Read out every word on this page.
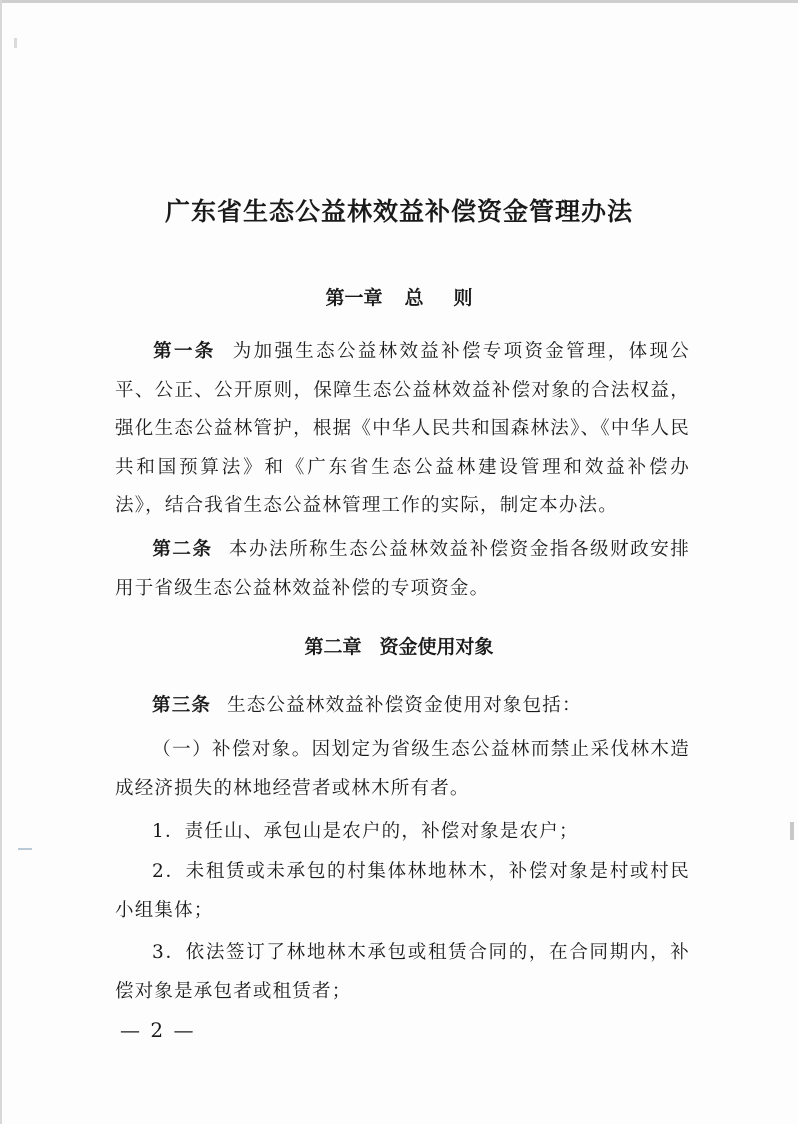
广东省生态公益林效益补偿资金管理办法
第一章 总 则
第一条 为加强生态公益林效益补偿专项资金管理，体现公平、公正、公开原则，保障生态公益林效益补偿对象的合法权益，强化生态公益林管护，根据《中华人民共和国森林法》、《中华人民共和国预算法》和《广东省生态公益林建设管理和效益补偿办法》，结合我省生态公益林管理工作的实际，制定本办法。
第二条 本办法所称生态公益林效益补偿资金指各级财政安排用于省级生态公益林效益补偿的专项资金。
第二章 资金使用对象
第三条 生态公益林效益补偿资金使用对象包括：
（一）补偿对象。因划定为省级生态公益林而禁止采伐林木造成经济损失的林地经营者或林木所有者。
1．责任山、承包山是农户的，补偿对象是农户；
2．未租赁或未承包的村集体林地林木，补偿对象是村或村民小组集体；
3．依法签订了林地林木承包或租赁合同的，在合同期内，补偿对象是承包者或租赁者；
— 2 —
